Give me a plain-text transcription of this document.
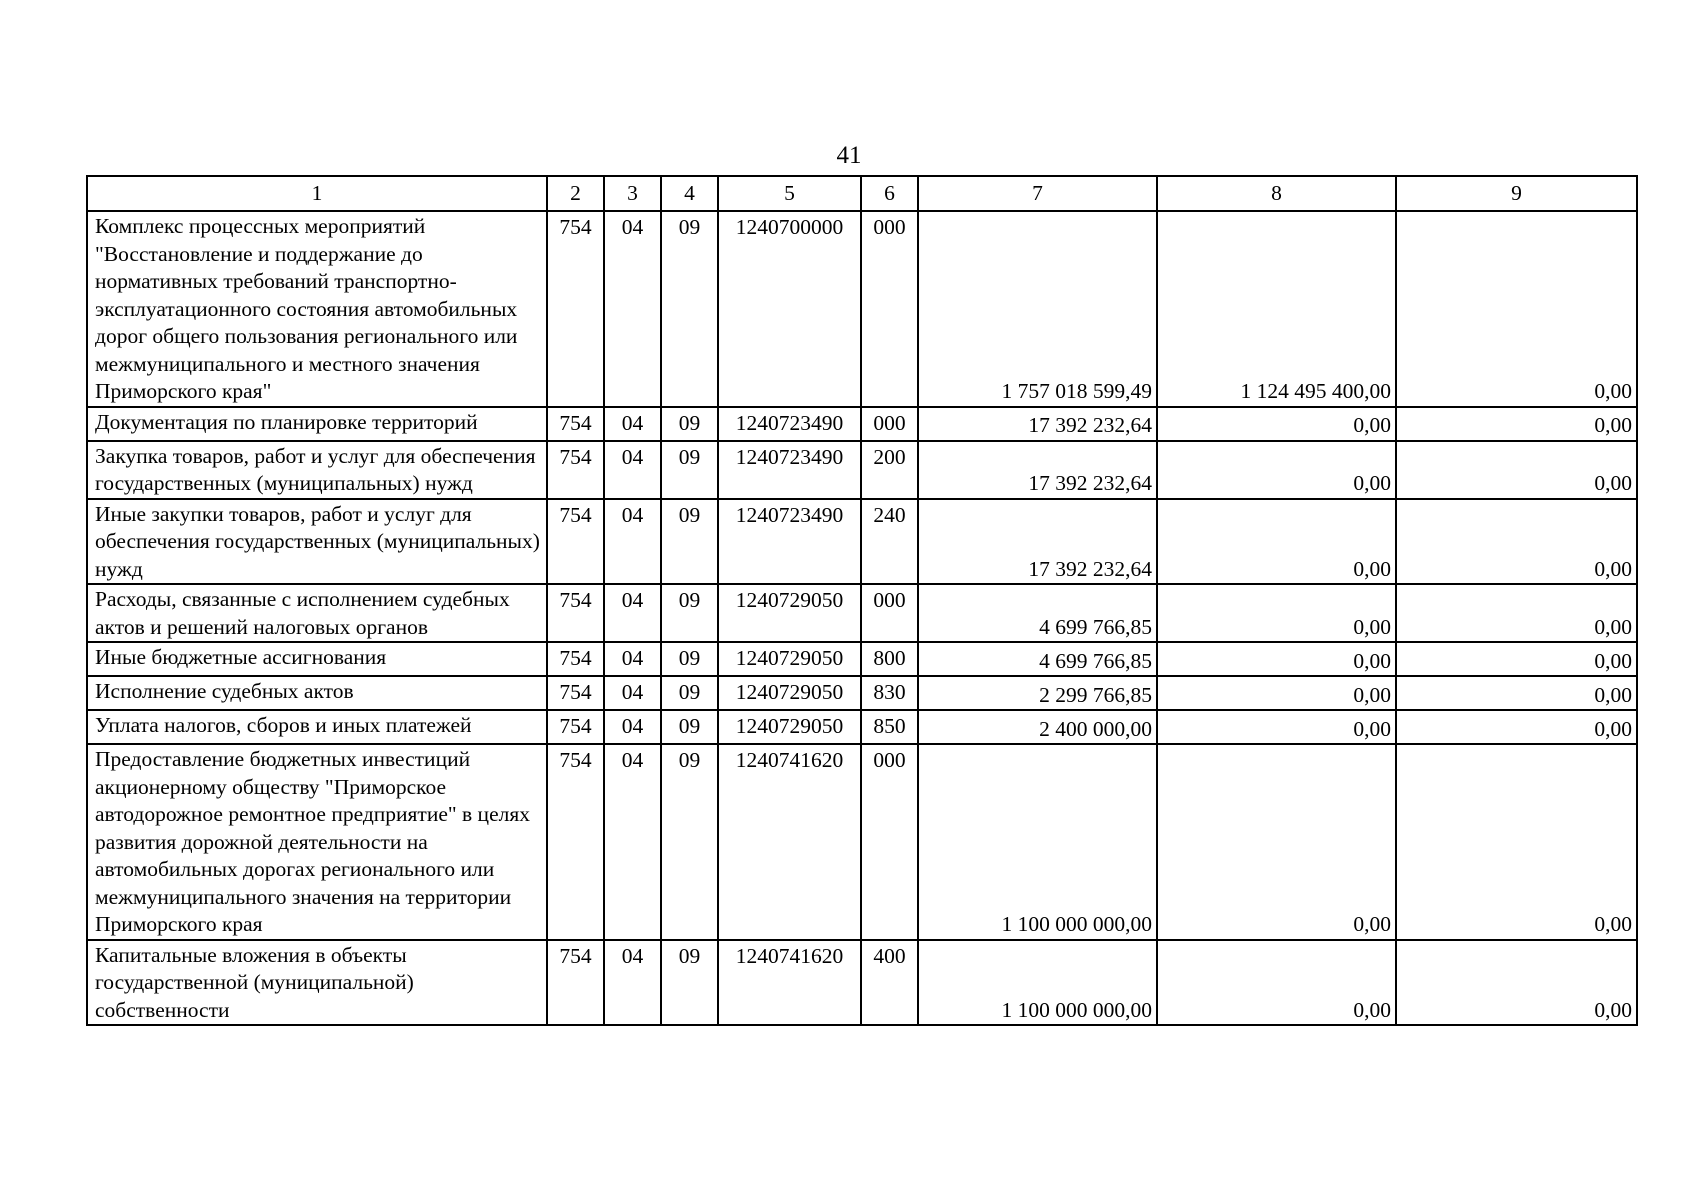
41
1	2	3	4	5	6	7	8	9
Комплекс процессных мероприятий "Восстановление и поддержание до нормативных требований транспортно-эксплуатационного состояния автомобильных дорог общего пользования регионального или межмуниципального и местного значения Приморского края"	754	04	09	1240700000	000	1 757 018 599,49	1 124 495 400,00	0,00
Документация по планировке территорий	754	04	09	1240723490	000	17 392 232,64	0,00	0,00
Закупка товаров, работ и услуг для обеспечения государственных (муниципальных) нужд	754	04	09	1240723490	200	17 392 232,64	0,00	0,00
Иные закупки товаров, работ и услуг для обеспечения государственных (муниципальных) нужд	754	04	09	1240723490	240	17 392 232,64	0,00	0,00
Расходы, связанные с исполнением судебных актов и решений налоговых органов	754	04	09	1240729050	000	4 699 766,85	0,00	0,00
Иные бюджетные ассигнования	754	04	09	1240729050	800	4 699 766,85	0,00	0,00
Исполнение судебных актов	754	04	09	1240729050	830	2 299 766,85	0,00	0,00
Уплата налогов, сборов и иных платежей	754	04	09	1240729050	850	2 400 000,00	0,00	0,00
Предоставление бюджетных инвестиций акционерному обществу "Приморское автодорожное ремонтное предприятие" в целях развития дорожной деятельности на автомобильных дорогах регионального или межмуниципального значения на территории Приморского края	754	04	09	1240741620	000	1 100 000 000,00	0,00	0,00
Капитальные вложения в объекты государственной (муниципальной) собственности	754	04	09	1240741620	400	1 100 000 000,00	0,00	0,00
